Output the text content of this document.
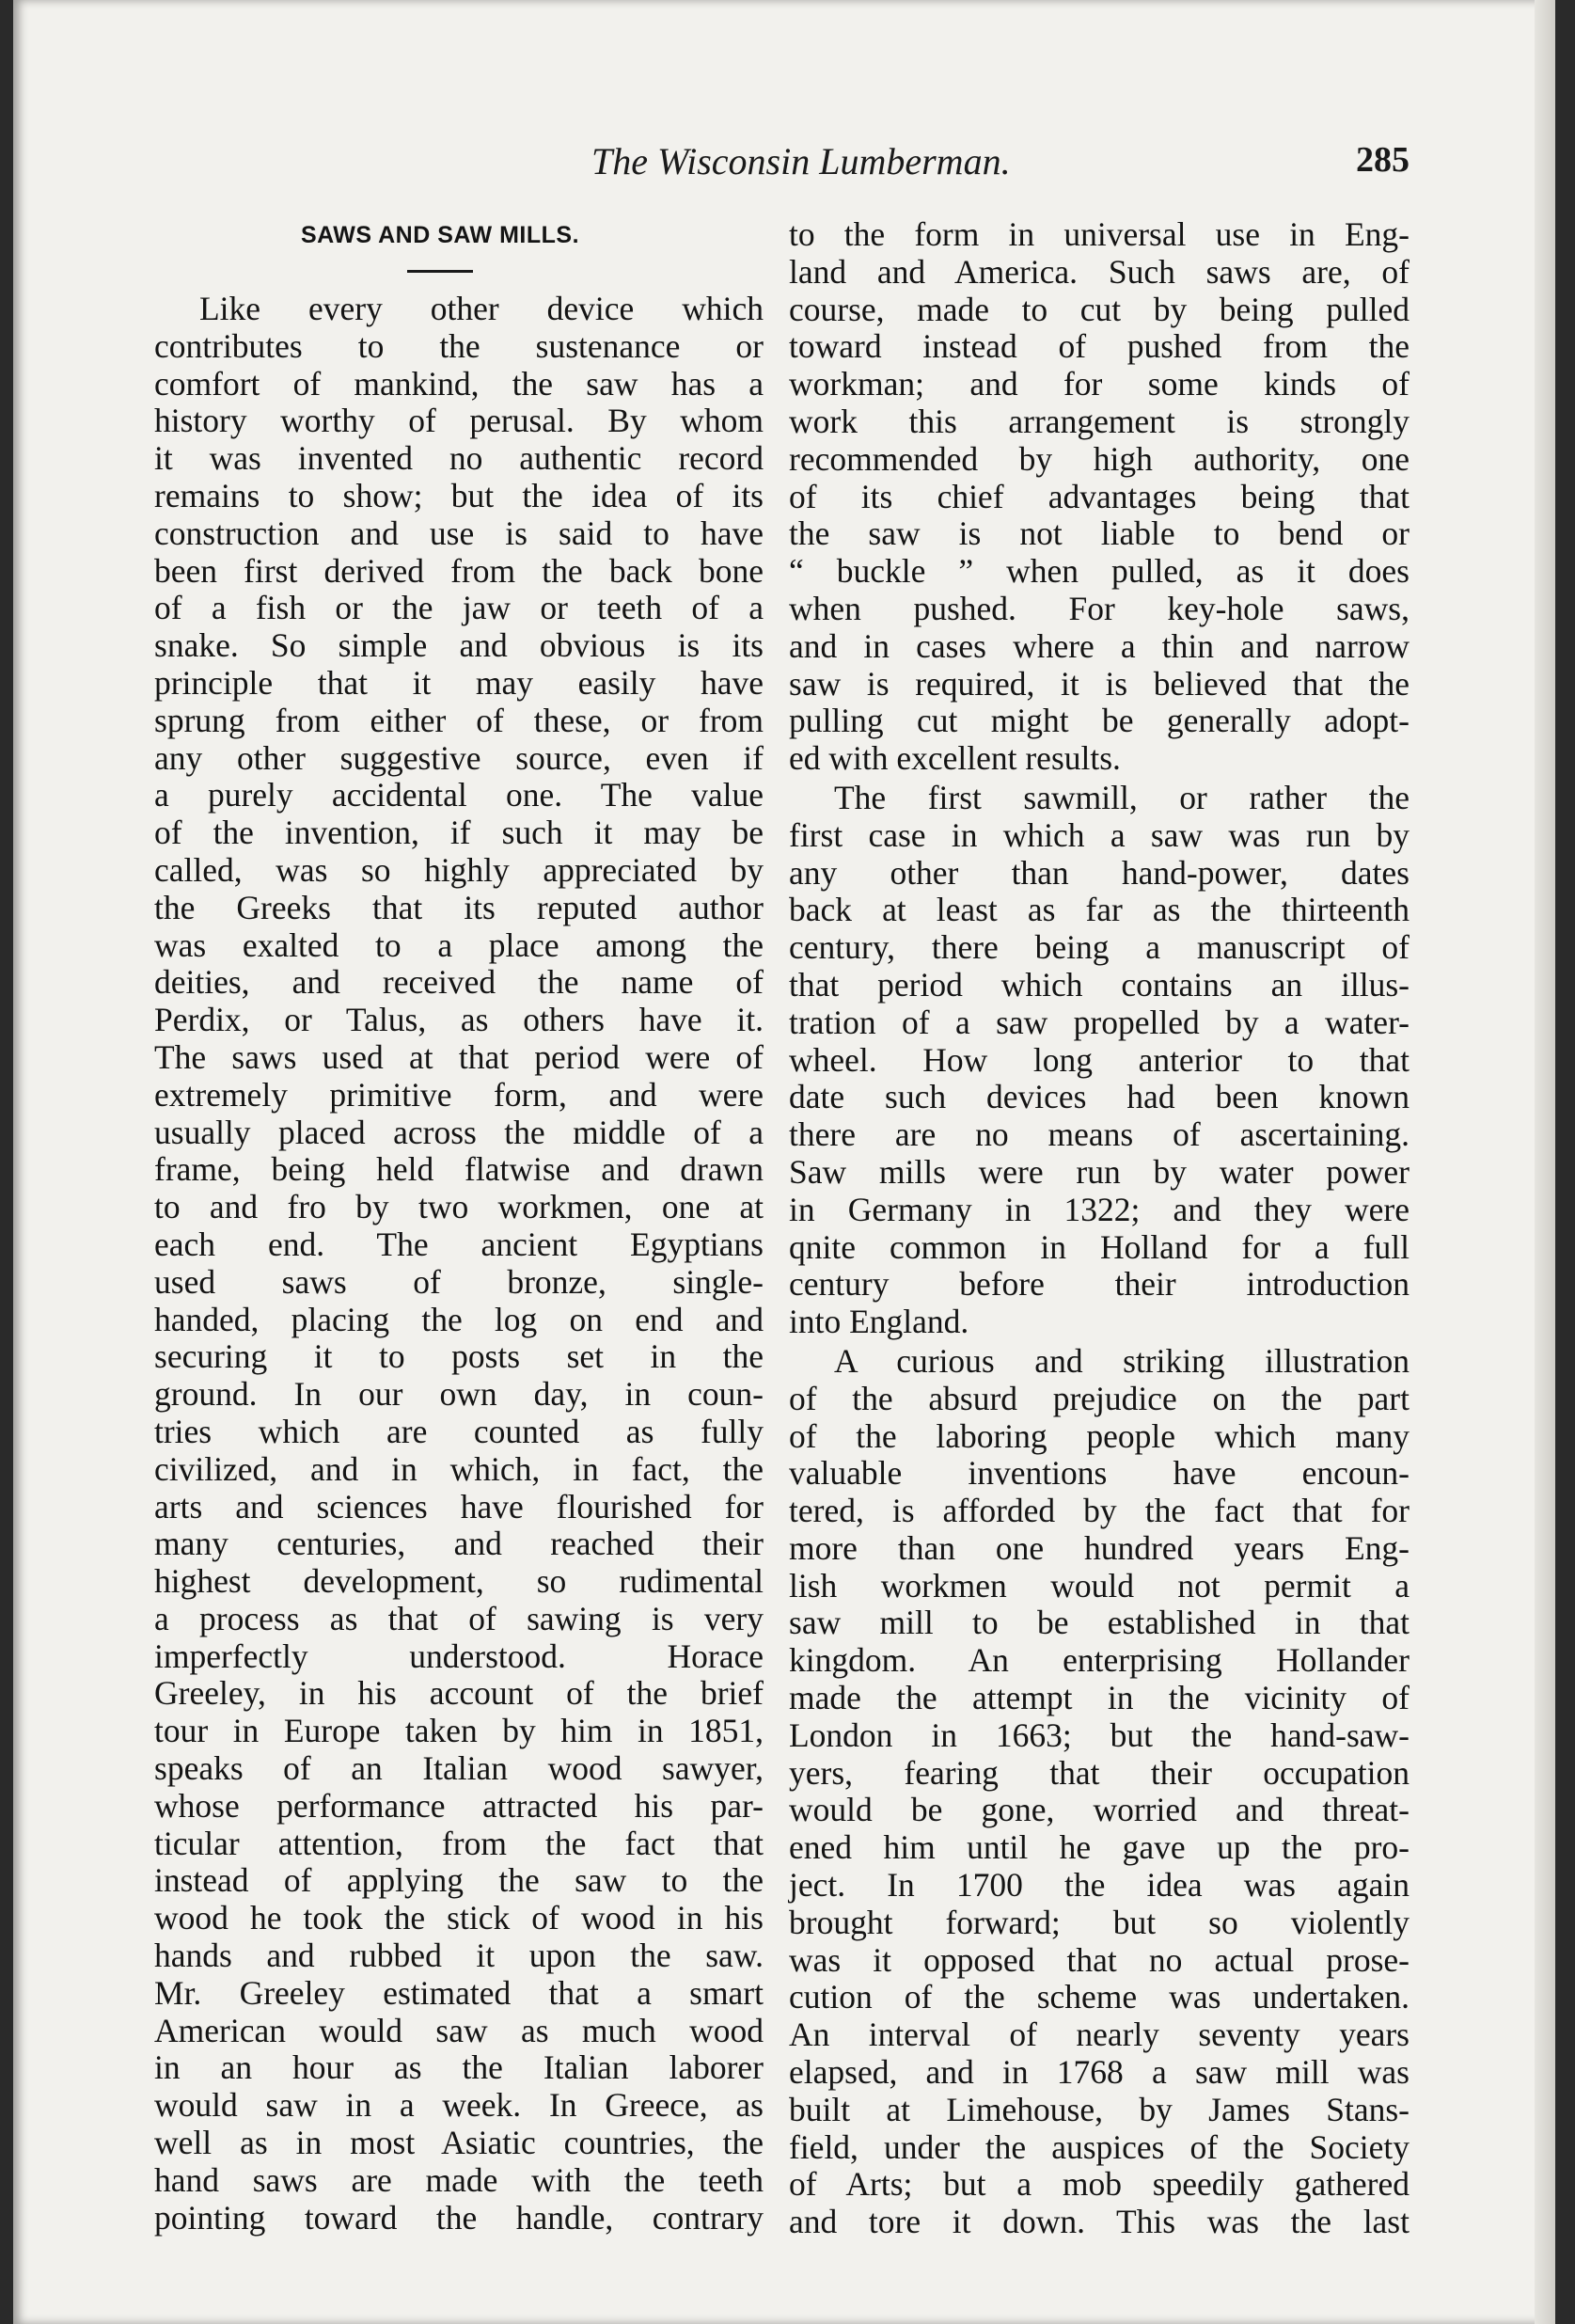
The Wisconsin Lumberman.	285
SAWS AND SAW MILLS.
Like every other device which
contributes to the sustenance or
comfort of mankind, the saw has a
history worthy of perusal. By whom
it was invented no authentic record
remains to show; but the idea of its
construction and use is said to have
been first derived from the back bone
of a fish or the jaw or teeth of a
snake. So simple and obvious is its
principle that it may easily have
sprung from either of these, or from
any other suggestive source, even if
a purely accidental one. The value
of the invention, if such it may be
called, was so highly appreciated by
the Greeks that its reputed author
was exalted to a place among the
deities, and received the name of
Perdix, or Talus, as others have it.
The saws used at that period were of
extremely primitive form, and were
usually placed across the middle of a
frame, being held flatwise and drawn
to and fro by two workmen, one at
each end. The ancient Egyptians
used saws of bronze, single-
handed, placing the log on end and
securing it to posts set in the
ground. In our own day, in coun-
tries which are counted as fully
civilized, and in which, in fact, the
arts and sciences have flourished for
many centuries, and reached their
highest development, so rudimental
a process as that of sawing is very
imperfectly understood. Horace
Greeley, in his account of the brief
tour in Europe taken by him in 1851,
speaks of an Italian wood sawyer,
whose performance attracted his par-
ticular attention, from the fact that
instead of applying the saw to the
wood he took the stick of wood in his
hands and rubbed it upon the saw.
Mr. Greeley estimated that a smart
American would saw as much wood
in an hour as the Italian laborer
would saw in a week. In Greece, as
well as in most Asiatic countries, the
hand saws are made with the teeth
pointing toward the handle, contrary
to the form in universal use in Eng-
land and America. Such saws are, of
course, made to cut by being pulled
toward instead of pushed from the
workman; and for some kinds of
work this arrangement is strongly
recommended by high authority, one
of its chief advantages being that
the saw is not liable to bend or
“ buckle ” when pulled, as it does
when pushed. For key-hole saws,
and in cases where a thin and narrow
saw is required, it is believed that the
pulling cut might be generally adopt-
ed with excellent results.
The first sawmill, or rather the
first case in which a saw was run by
any other than hand-power, dates
back at least as far as the thirteenth
century, there being a manuscript of
that period which contains an illus-
tration of a saw propelled by a water-
wheel. How long anterior to that
date such devices had been known
there are no means of ascertaining.
Saw mills were run by water power
in Germany in 1322; and they were
qnite common in Holland for a full
century before their introduction
into England.
A curious and striking illustration
of the absurd prejudice on the part
of the laboring people which many
valuable inventions have encoun-
tered, is afforded by the fact that for
more than one hundred years Eng-
lish workmen would not permit a
saw mill to be established in that
kingdom. An enterprising Hollander
made the attempt in the vicinity of
London in 1663; but the hand-saw-
yers, fearing that their occupation
would be gone, worried and threat-
ened him until he gave up the pro-
ject. In 1700 the idea was again
brought forward; but so violently
was it opposed that no actual prose-
cution of the scheme was undertaken.
An interval of nearly seventy years
elapsed, and in 1768 a saw mill was
built at Limehouse, by James Stans-
field, under the auspices of the Society
of Arts; but a mob speedily gathered
and tore it down. This was the last
